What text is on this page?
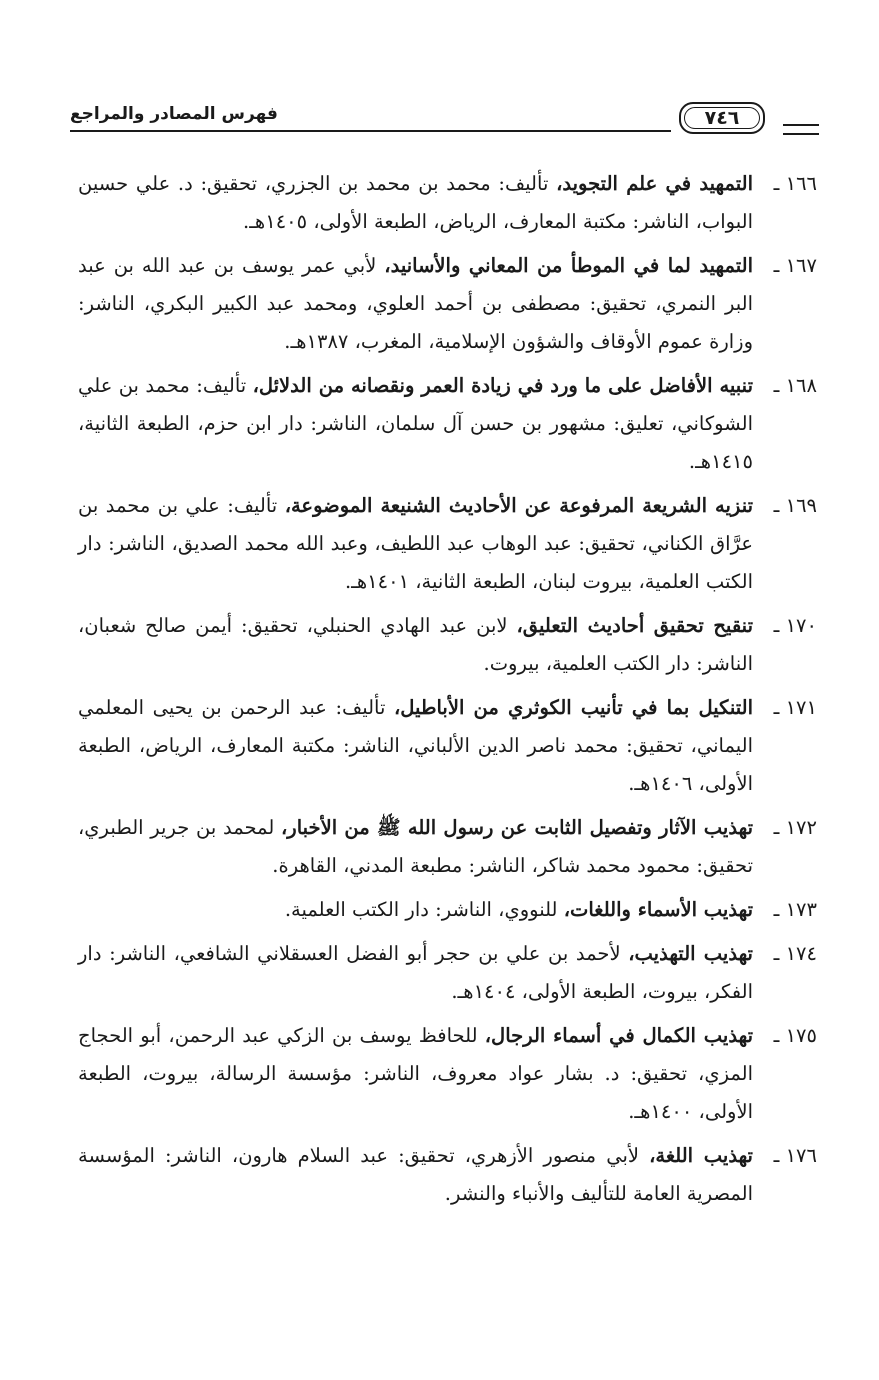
فهرس المصادر والمراجع	٧٤٦

١٦٦ ـالتمهيد في علم التجويد، تأليف: محمد بن محمد بن الجزري، تحقيق: د. علي حسين البواب، الناشر: مكتبة المعارف، الرياض، الطبعة الأولى، ١٤٠٥هـ.

١٦٧ ـالتمهيد لما في الموطأ من المعاني والأسانيد، لأبي عمر يوسف بن عبد الله بن عبد البر النمري، تحقيق: مصطفى بن أحمد العلوي، ومحمد عبد الكبير البكري، الناشر: وزارة عموم الأوقاف والشؤون الإسلامية، المغرب، ١٣٨٧هـ.

١٦٨ ـتنبيه الأفاضل على ما ورد في زيادة العمر ونقصانه من الدلائل، تأليف: محمد بن علي الشوكاني، تعليق: مشهور بن حسن آل سلمان، الناشر: دار ابن حزم، الطبعة الثانية، ١٤١٥هـ.

١٦٩ ـتنزيه الشريعة المرفوعة عن الأحاديث الشنيعة الموضوعة، تأليف: علي بن محمد بن عرَّاق الكناني، تحقيق: عبد الوهاب عبد اللطيف، وعبد الله محمد الصديق، الناشر: دار الكتب العلمية، بيروت لبنان، الطبعة الثانية، ١٤٠١هـ.

١٧٠ ـتنقيح تحقيق أحاديث التعليق، لابن عبد الهادي الحنبلي، تحقيق: أيمن صالح شعبان، الناشر: دار الكتب العلمية، بيروت.

١٧١ ـالتنكيل بما في تأنيب الكوثري من الأباطيل، تأليف: عبد الرحمن بن يحيى المعلمي اليماني، تحقيق: محمد ناصر الدين الألباني، الناشر: مكتبة المعارف، الرياض، الطبعة الأولى، ١٤٠٦هـ.

١٧٢ ـتهذيب الآثار وتفصيل الثابت عن رسول الله ﷺ من الأخبار، لمحمد بن جرير الطبري، تحقيق: محمود محمد شاكر، الناشر: مطبعة المدني، القاهرة.

١٧٣ ـتهذيب الأسماء واللغات، للنووي، الناشر: دار الكتب العلمية.

١٧٤ ـتهذيب التهذيب، لأحمد بن علي بن حجر أبو الفضل العسقلاني الشافعي، الناشر: دار الفكر، بيروت، الطبعة الأولى، ١٤٠٤هـ.

١٧٥ ـتهذيب الكمال في أسماء الرجال، للحافظ يوسف بن الزكي عبد الرحمن، أبو الحجاج المزي، تحقيق: د. بشار عواد معروف، الناشر: مؤسسة الرسالة، بيروت، الطبعة الأولى، ١٤٠٠هـ.

١٧٦ ـتهذيب اللغة، لأبي منصور الأزهري، تحقيق: عبد السلام هارون، الناشر: المؤسسة المصرية العامة للتأليف والأنباء والنشر.
